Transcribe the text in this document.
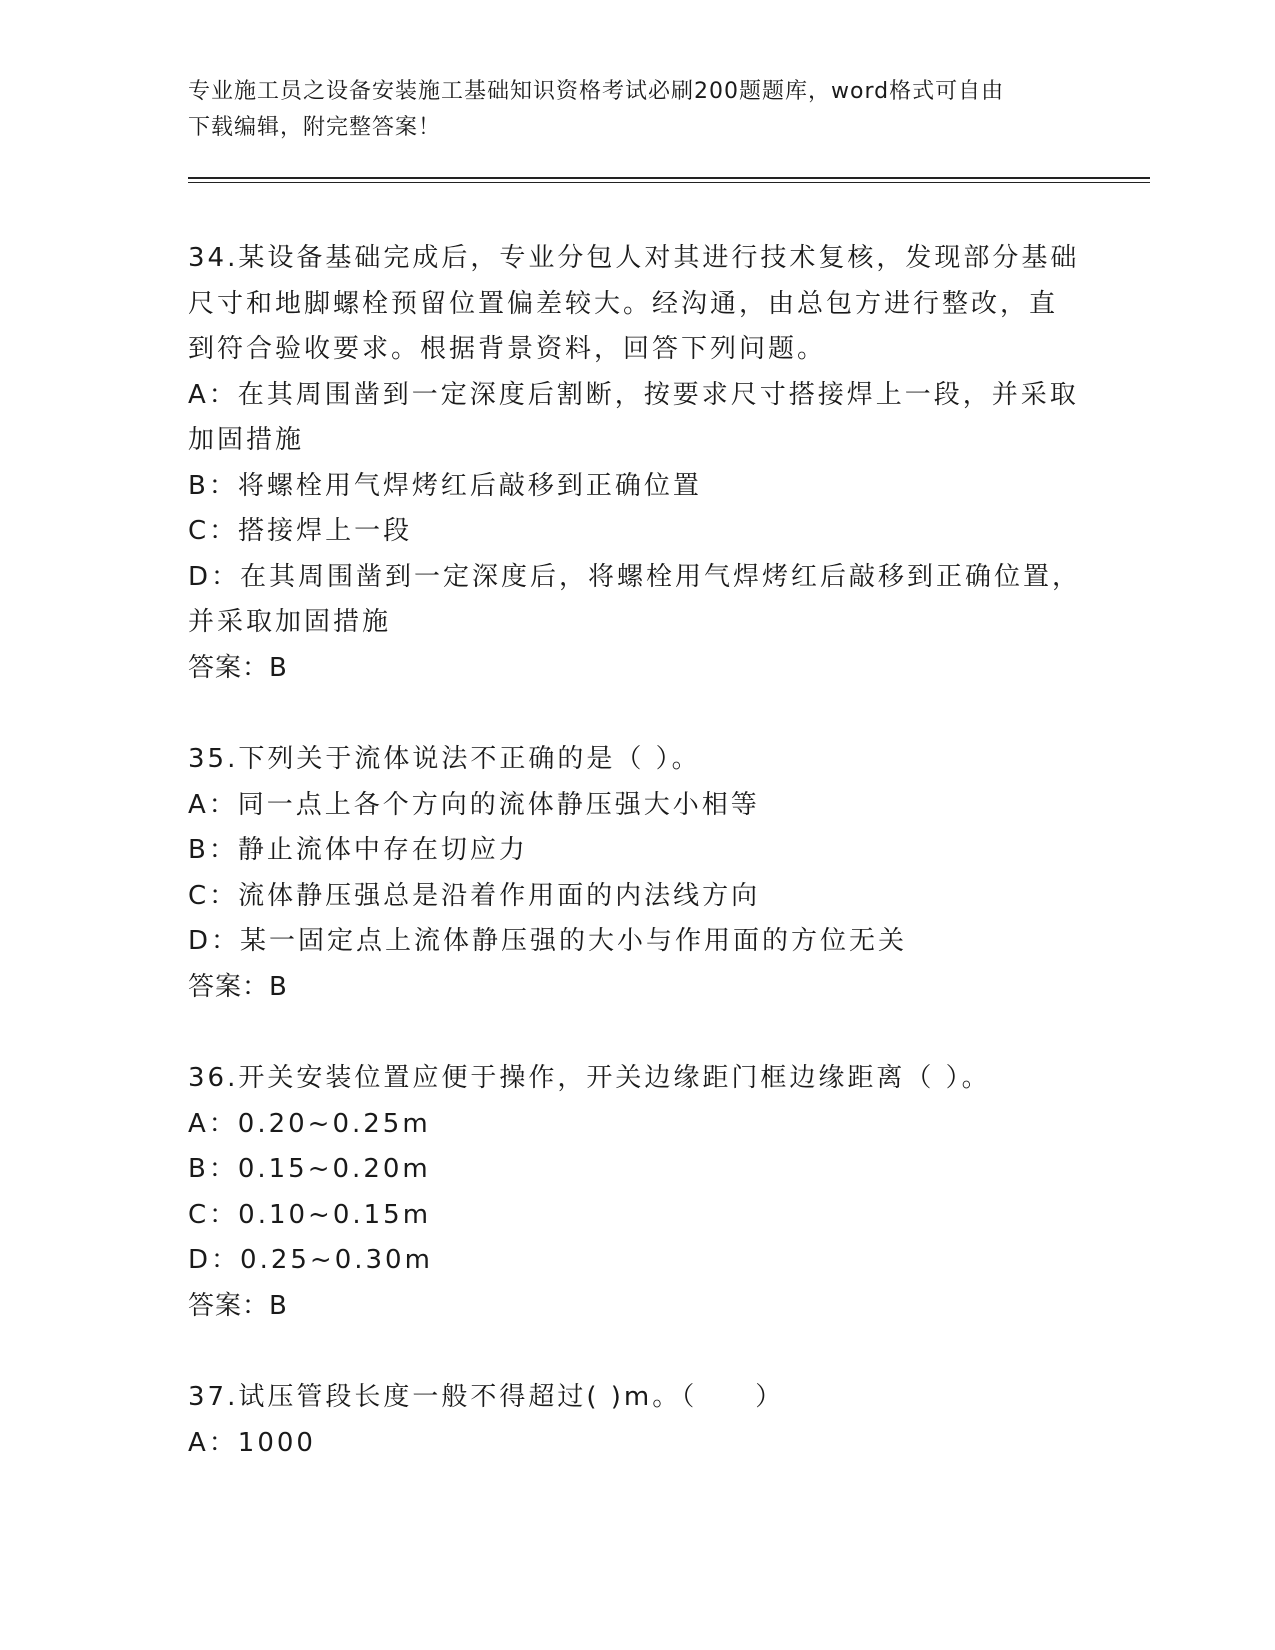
专业施工员之设备安装施工基础知识资格考试必刷200题题库，word格式可自由
下载编辑，附完整答案！
34.某设备基础完成后，专业分包人对其进行技术复核，发现部分基础
尺寸和地脚螺栓预留位置偏差较大。经沟通，由总包方进行整改，直
到符合验收要求。根据背景资料，回答下列问题。
A：在其周围凿到一定深度后割断，按要求尺寸搭接焊上一段，并采取
加固措施
B：将螺栓用气焊烤红后敲移到正确位置
C：搭接焊上一段
D：在其周围凿到一定深度后，将螺栓用气焊烤红后敲移到正确位置，
并采取加固措施
答案：B
35.下列关于流体说法不正确的是（ ）。
A：同一点上各个方向的流体静压强大小相等
B：静止流体中存在切应力
C：流体静压强总是沿着作用面的内法线方向
D：某一固定点上流体静压强的大小与作用面的方位无关
答案：B
36.开关安装位置应便于操作，开关边缘距门框边缘距离（ ）。
A：0.20~0.25m
B：0.15~0.20m
C：0.10~0.15m
D：0.25~0.30m
答案：B
37.试压管段长度一般不得超过( )m。（　　）
A：1000
